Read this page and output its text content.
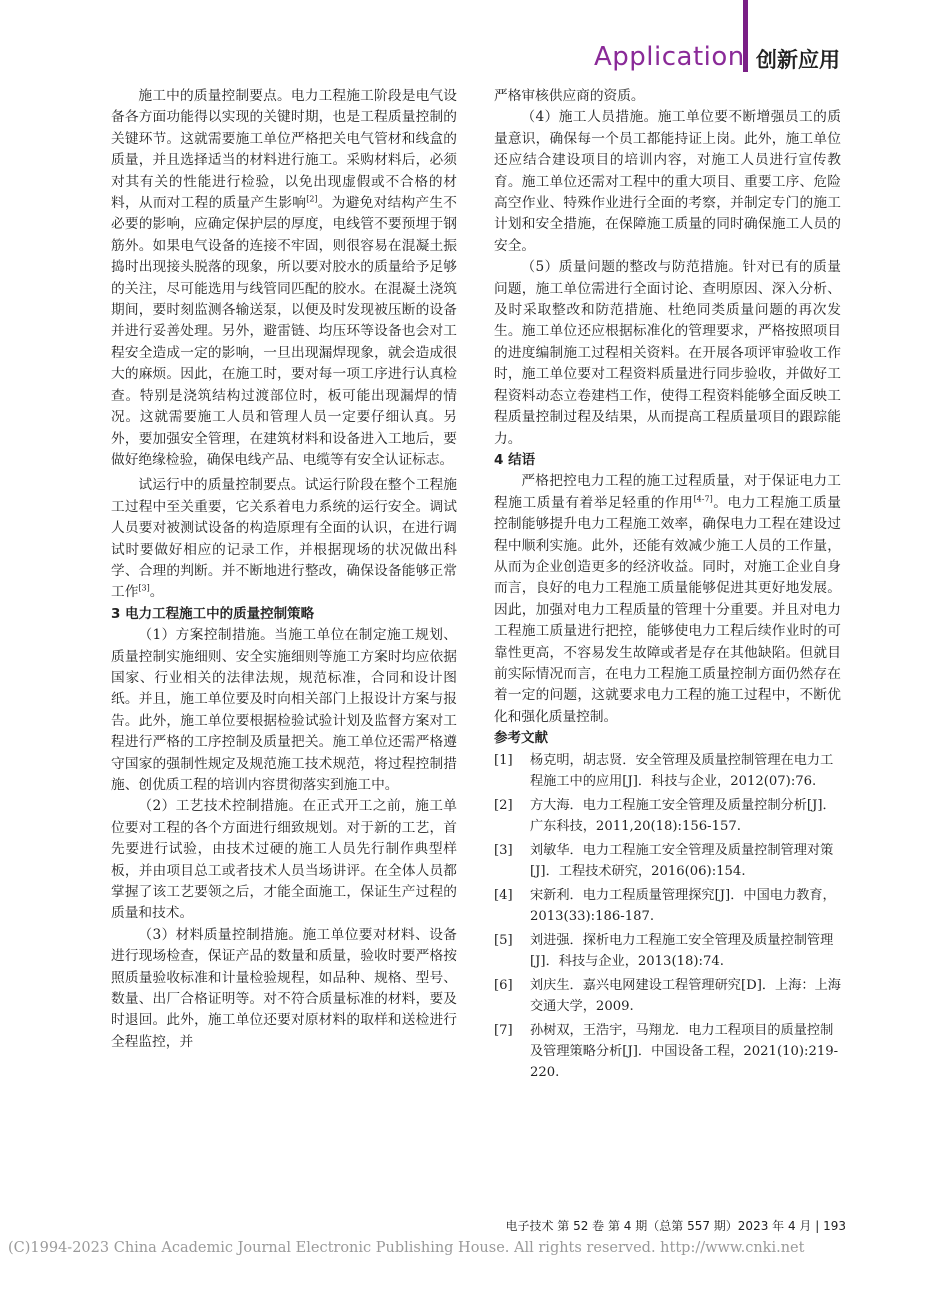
Application 创新应用

施工中的质量控制要点。电力工程施工阶段是电气设备各方面功能得以实现的关键时期，也是工程质量控制的关键环节。这就需要施工单位严格把关电气管材和线盒的质量，并且选择适当的材料进行施工。采购材料后，必须对其有关的性能进行检验，以免出现虚假或不合格的材料，从而对工程的质量产生影响[2]。为避免对结构产生不必要的影响，应确定保护层的厚度，电线管不要预埋于钢筋外。如果电气设备的连接不牢固，则很容易在混凝土振捣时出现接头脱落的现象，所以要对胶水的质量给予足够的关注，尽可能选用与线管同匹配的胶水。在混凝土浇筑期间，要时刻监测各输送泵，以便及时发现被压断的设备并进行妥善处理。另外，避雷链、均压环等设备也会对工程安全造成一定的影响，一旦出现漏焊现象，就会造成很大的麻烦。因此，在施工时，要对每一项工序进行认真检查。特别是浇筑结构过渡部位时，板可能出现漏焊的情况。这就需要施工人员和管理人员一定要仔细认真。另外，要加强安全管理，在建筑材料和设备进入工地后，要做好绝缘检验，确保电线产品、电缆等有安全认证标志。

试运行中的质量控制要点。试运行阶段在整个工程施工过程中至关重要，它关系着电力系统的运行安全。调试人员要对被测试设备的构造原理有全面的认识，在进行调试时要做好相应的记录工作，并根据现场的状况做出科学、合理的判断。并不断地进行整改，确保设备能够正常工作[3]。

3 电力工程施工中的质量控制策略

（1）方案控制措施。当施工单位在制定施工规划、质量控制实施细则、安全实施细则等施工方案时均应依据国家、行业相关的法律法规，规范标准，合同和设计图纸。并且，施工单位要及时向相关部门上报设计方案与报告。此外，施工单位要根据检验试验计划及监督方案对工程进行严格的工序控制及质量把关。施工单位还需严格遵守国家的强制性规定及规范施工技术规范，将过程控制措施、创优质工程的培训内容贯彻落实到施工中。

（2）工艺技术控制措施。在正式开工之前，施工单位要对工程的各个方面进行细致规划。对于新的工艺，首先要进行试验，由技术过硬的施工人员先行制作典型样板，并由项目总工或者技术人员当场讲评。在全体人员都掌握了该工艺要领之后，才能全面施工，保证生产过程的质量和技术。

（3）材料质量控制措施。施工单位要对材料、设备进行现场检查，保证产品的数量和质量，验收时要严格按照质量验收标准和计量检验规程，如品种、规格、型号、数量、出厂合格证明等。对不符合质量标准的材料，要及时退回。此外，施工单位还要对原材料的取样和送检进行全程监控，并

严格审核供应商的资质。

（4）施工人员措施。施工单位要不断增强员工的质量意识，确保每一个员工都能持证上岗。此外，施工单位还应结合建设项目的培训内容，对施工人员进行宣传教育。施工单位还需对工程中的重大项目、重要工序、危险高空作业、特殊作业进行全面的考察，并制定专门的施工计划和安全措施，在保障施工质量的同时确保施工人员的安全。

（5）质量问题的整改与防范措施。针对已有的质量问题，施工单位需进行全面讨论、查明原因、深入分析、及时采取整改和防范措施、杜绝同类质量问题的再次发生。施工单位还应根据标准化的管理要求，严格按照项目的进度编制施工过程相关资料。在开展各项评审验收工作时，施工单位要对工程资料质量进行同步验收，并做好工程资料动态立卷建档工作，使得工程资料能够全面反映工程质量控制过程及结果，从而提高工程质量项目的跟踪能力。

4 结语

严格把控电力工程的施工过程质量，对于保证电力工程施工质量有着举足轻重的作用[4-7]。电力工程施工质量控制能够提升电力工程施工效率，确保电力工程在建设过程中顺利实施。此外，还能有效减少施工人员的工作量，从而为企业创造更多的经济收益。同时，对施工企业自身而言，良好的电力工程施工质量能够促进其更好地发展。因此，加强对电力工程质量的管理十分重要。并且对电力工程施工质量进行把控，能够使电力工程后续作业时的可靠性更高，不容易发生故障或者是存在其他缺陷。但就目前实际情况而言，在电力工程施工质量控制方面仍然存在着一定的问题，这就要求电力工程的施工过程中，不断优化和强化质量控制。

参考文献
[1]	杨克明，胡志贤．安全管理及质量控制管理在电力工程施工中的应用[J]．科技与企业，2012(07):76.
[2]	方大海．电力工程施工安全管理及质量控制分析[J]．广东科技，2011,20(18):156-157.
[3]	刘敏华．电力工程施工安全管理及质量控制管理对策[J]．工程技术研究，2016(06):154.
[4]	宋新利．电力工程质量管理探究[J]．中国电力教育，2013(33):186-187.
[5]	刘进强．探析电力工程施工安全管理及质量控制管理[J]．科技与企业，2013(18):74.
[6]	刘庆生．嘉兴电网建设工程管理研究[D]．上海：上海交通大学，2009.
[7]	孙树双，王浩宇，马翔龙．电力工程项目的质量控制及管理策略分析[J]．中国设备工程，2021(10):219-220.
电子技术 第 52 卷 第 4 期（总第 557 期）2023 年 4 月 | 193
(C)1994-2023 China Academic Journal Electronic Publishing House. All rights reserved. http://www.cnki.net
